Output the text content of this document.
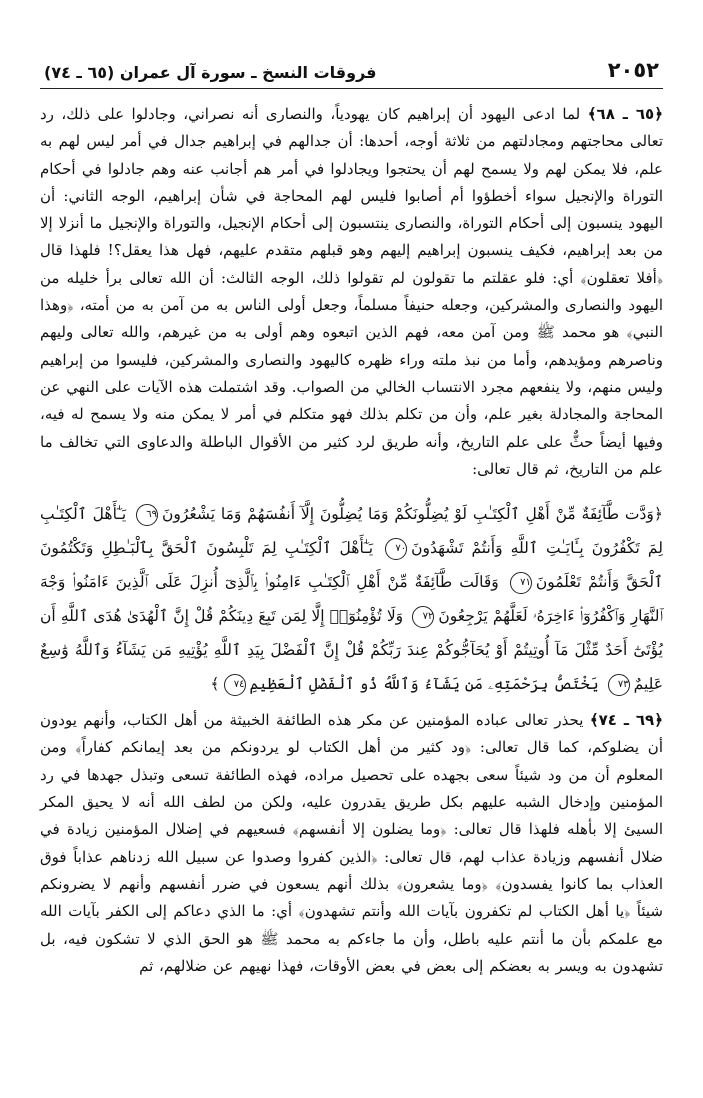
٢٠٥٢
فروقات النسخ ـ سورة آل عمران (٦٥ ـ ٧٤)

﴿٦٥ ـ ٦٨﴾ لما ادعى اليهود أن إبراهيم كان يهودياً، والنصارى أنه نصراني، وجادلوا على ذلك، رد تعالى محاجتهم ومجادلتهم من ثلاثة أوجه، أحدها: أن جدالهم في إبراهيم جدال في أمر ليس لهم به علم، فلا يمكن لهم ولا يسمح لهم أن يحتجوا ويجادلوا في أمر هم أجانب عنه وهم جادلوا في أحكام التوراة والإنجيل سواء أخطؤوا أم أصابوا فليس لهم المحاجة في شأن إبراهيم، الوجه الثاني: أن اليهود ينسبون إلى أحكام التوراة، والنصارى ينتسبون إلى أحكام الإنجيل، والتوراة والإنجيل ما أنزلا إلا من بعد إبراهيم، فكيف ينسبون إبراهيم إليهم وهو قبلهم متقدم عليهم، فهل هذا يعقل؟! فلهذا قال ﴿أفلا تعقلون﴾ أي: فلو عقلتم ما تقولون لم تقولوا ذلك، الوجه الثالث: أن الله تعالى برأ خليله من اليهود والنصارى والمشركين، وجعله حنيفاً مسلماً، وجعل أولى الناس به من آمن به من أمته، ﴿وهذا النبي﴾ هو محمد ﷺ ومن آمن معه، فهم الذين اتبعوه وهم أولى به من غيرهم، والله تعالى وليهم وناصرهم ومؤيدهم، وأما من نبذ ملته وراء ظهره كاليهود والنصارى والمشركين، فليسوا من إبراهيم وليس منهم، ولا ينفعهم مجرد الانتساب الخالي من الصواب. وقد اشتملت هذه الآيات على النهي عن المحاجة والمجادلة بغير علم، وأن من تكلم بذلك فهو متكلم في أمر لا يمكن منه ولا يسمح له فيه، وفيها أيضاً حثٌّ على علم التاريخ، وأنه طريق لرد كثير من الأقوال الباطلة والدعاوى التي تخالف ما علم من التاريخ، ثم قال تعالى:

﴿وَدَّت طَّآئِفَةٌ مِّنْ أَهْلِ ٱلْكِتَـٰبِ لَوْ يُضِلُّونَكُمْ وَمَا يُضِلُّونَ إِلَّآ أَنفُسَهُمْ وَمَا يَشْعُرُونَ٦٩ يَـٰٓأَهْلَ ٱلْكِتَـٰبِ لِمَ تَكْفُرُونَ بِـَٔايَـٰتِ ٱللَّهِ وَأَنتُمْ تَشْهَدُونَ٧٠ يَـٰٓأَهْلَ ٱلْكِتَـٰبِ لِمَ تَلْبِسُونَ ٱلْحَقَّ بِٱلْبَـٰطِلِ وَتَكْتُمُونَ ٱلْحَقَّ وَأَنتُمْ تَعْلَمُونَ٧١ وَقَالَت طَّآئِفَةٌ مِّنْ أَهْلِ ٱلْكِتَـٰبِ ءَامِنُوا۟ بِٱلَّذِىٓ أُنزِلَ عَلَى ٱلَّذِينَ ءَامَنُوا۟ وَجْهَ ٱلنَّهَارِ وَٱكْفُرُوٓا۟ ءَاخِرَهُۥ لَعَلَّهُمْ يَرْجِعُونَ٧٢ وَلَا تُؤْمِنُوٓا۟ إِلَّا لِمَن تَبِعَ دِينَكُمْ قُلْ إِنَّ ٱلْهُدَىٰ هُدَى ٱللَّهِ أَن يُؤْتَىٰٓ أَحَدٌ مِّثْلَ مَآ أُوتِيتُمْ أَوْ يُحَآجُّوكُمْ عِندَ رَبِّكُمْ قُلْ إِنَّ ٱلْفَضْلَ بِيَدِ ٱللَّهِ يُؤْتِيهِ مَن يَشَآءُ وَٱللَّهُ وَٰسِعٌ عَلِيمٌ٧٣ يَخْتَصُّ بِرَحْمَتِهِۦ مَن يَشَآءُ وَٱللَّهُ ذُو ٱلْفَضْلِ ٱلْعَظِيمِ٧٤﴾

﴿٦٩ ـ ٧٤﴾ يحذر تعالى عباده المؤمنين عن مكر هذه الطائفة الخبيثة من أهل الكتاب، وأنهم يودون أن يضلوكم، كما قال تعالى: ﴿ود كثير من أهل الكتاب لو يردونكم من بعد إيمانكم كفاراً﴾ ومن المعلوم أن من ود شيئاً سعى بجهده على تحصيل مراده، فهذه الطائفة تسعى وتبذل جهدها في رد المؤمنين وإدخال الشبه عليهم بكل طريق يقدرون عليه، ولكن من لطف الله أنه لا يحيق المكر السيئ إلا بأهله فلهذا قال تعالى: ﴿وما يضلون إلا أنفسهم﴾ فسعيهم في إضلال المؤمنين زيادة في ضلال أنفسهم وزيادة عذاب لهم، قال تعالى: ﴿الذين كفروا وصدوا عن سبيل الله زدناهم عذاباً فوق العذاب بما كانوا يفسدون﴾ ﴿وما يشعرون﴾ بذلك أنهم يسعون في ضرر أنفسهم وأنهم لا يضرونكم شيئاً ﴿يا أهل الكتاب لم تكفرون بآيات الله وأنتم تشهدون﴾ أي: ما الذي دعاكم إلى الكفر بآيات الله مع علمكم بأن ما أنتم عليه باطل، وأن ما جاءكم به محمد ﷺ هو الحق الذي لا تشكون فيه، بل تشهدون به ويسر به بعضكم إلى بعض في بعض الأوقات، فهذا نهيهم عن ضلالهم، ثم
